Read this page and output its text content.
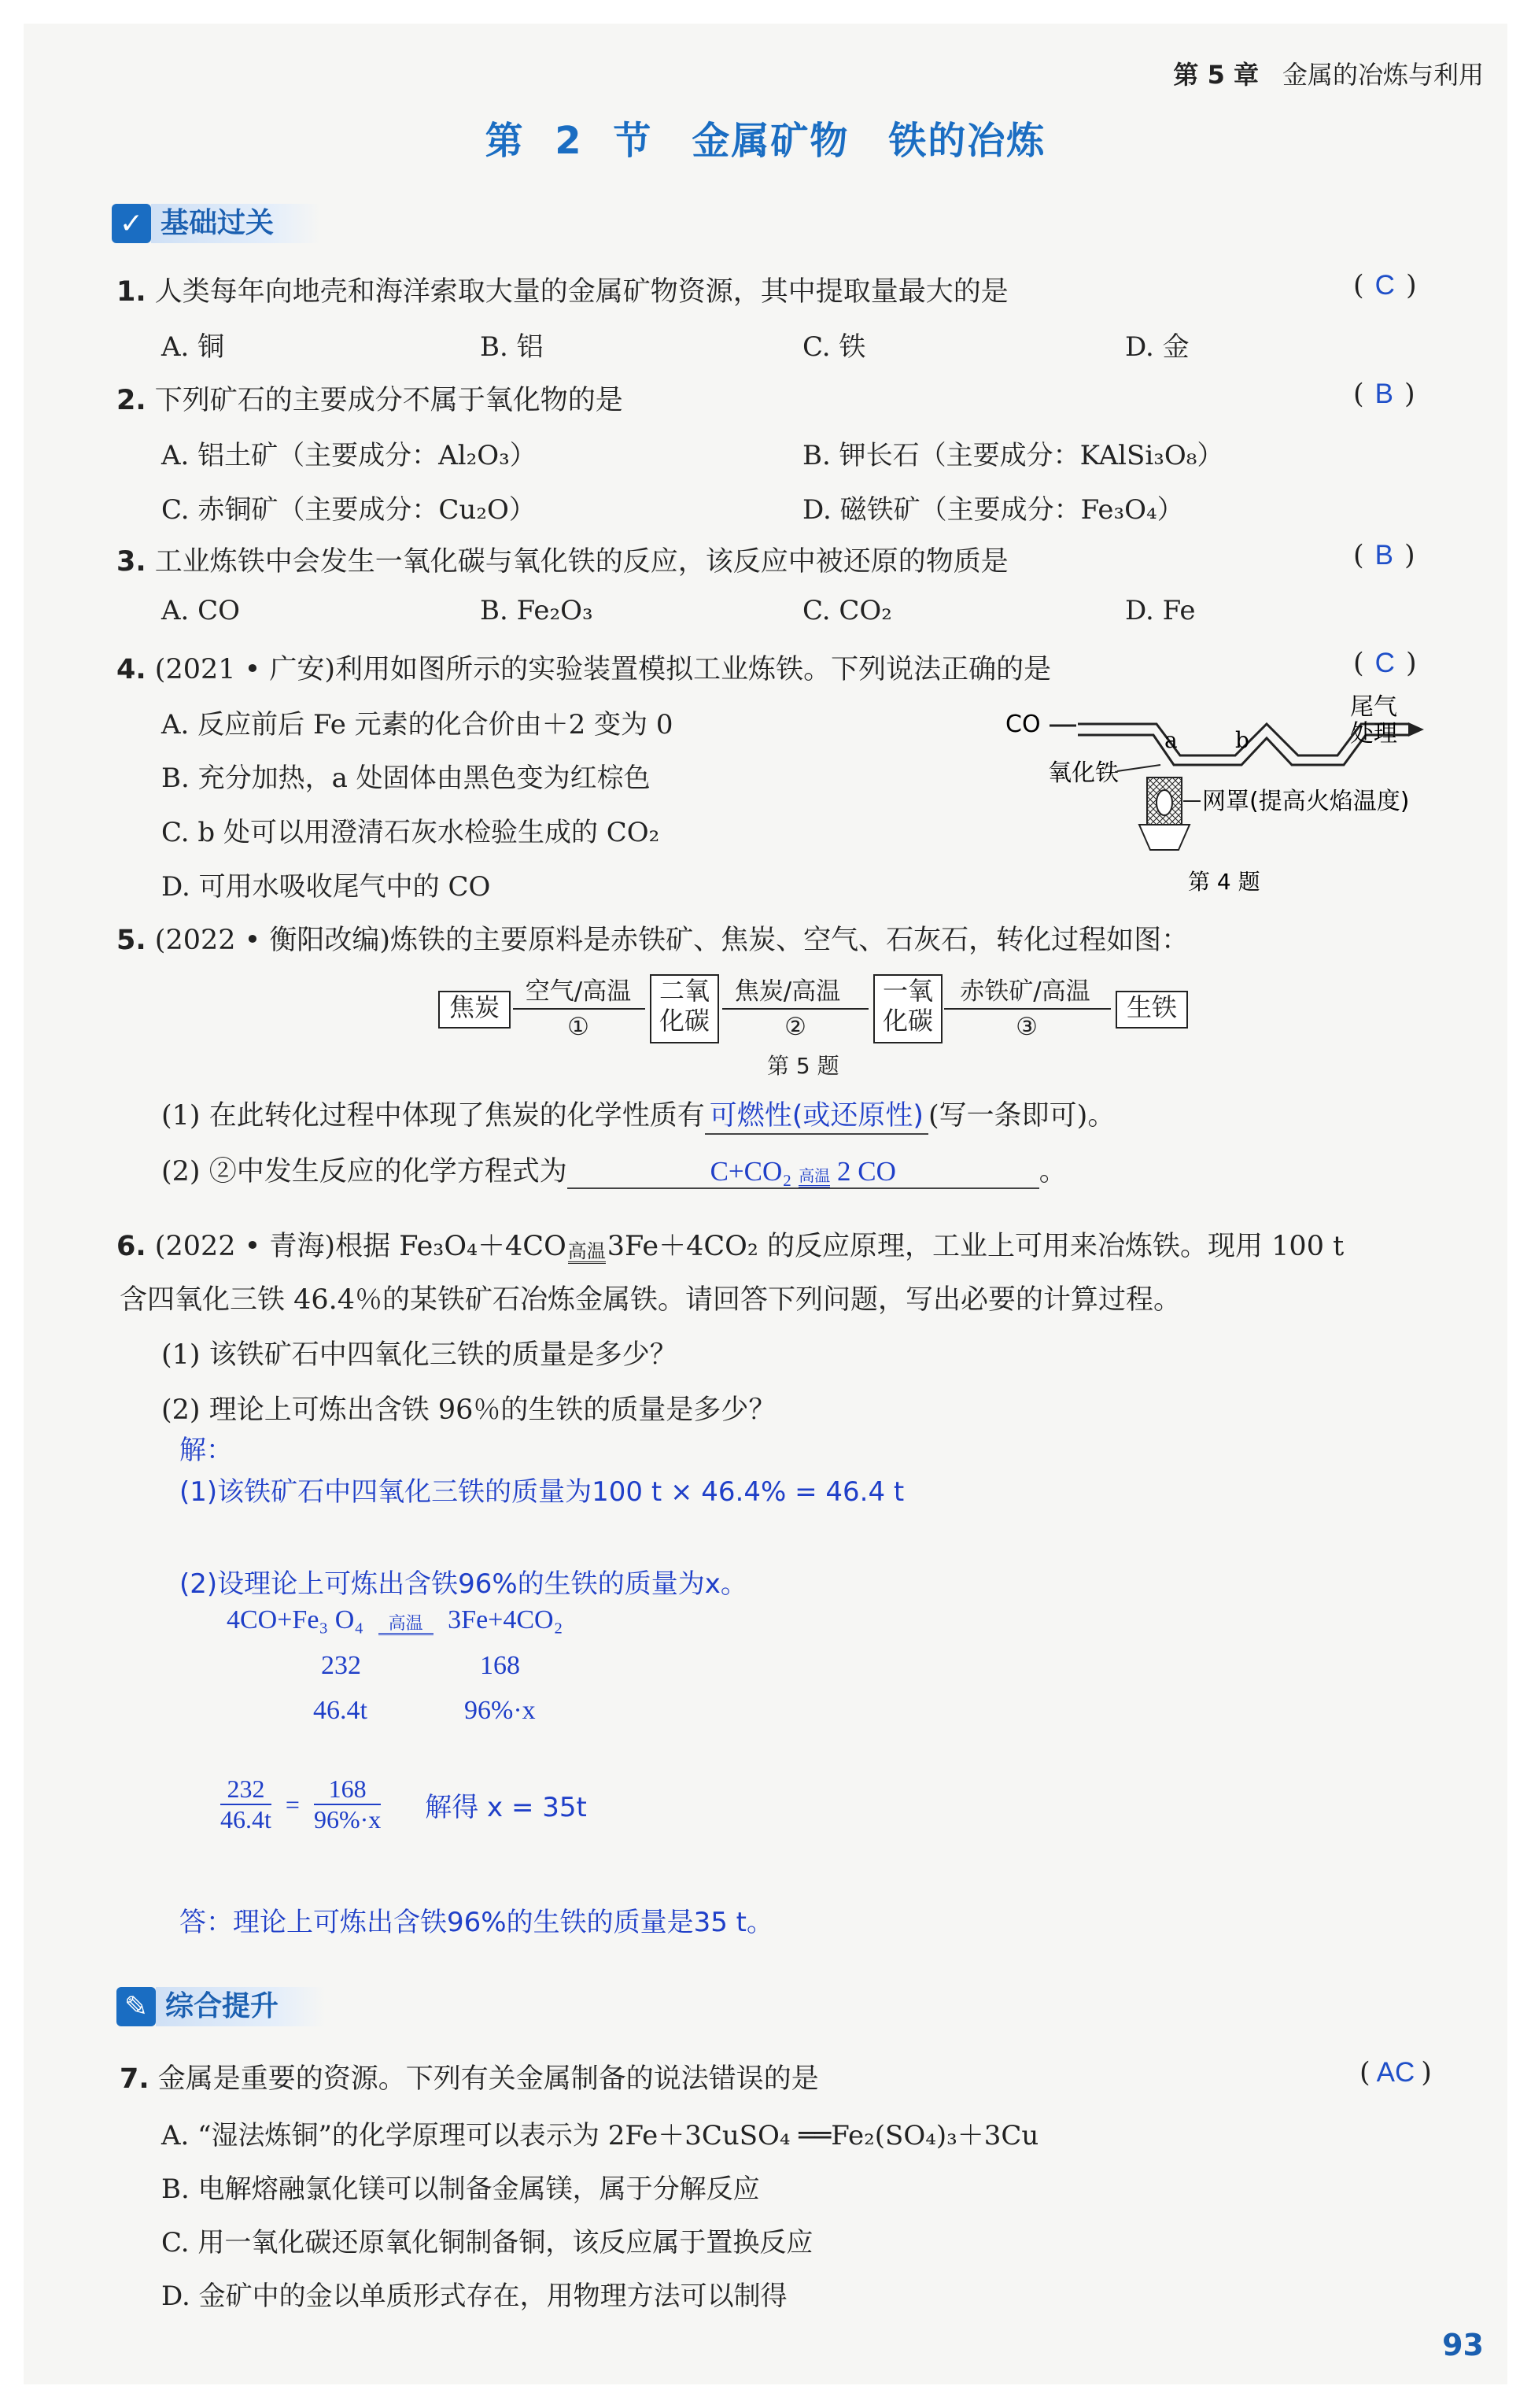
第 5 章 金属的冶炼与利用
第 2 节　金属矿物　铁的冶炼
✓ 基础过关
1. 人类每年向地壳和海洋索取大量的金属矿物资源，其中提取量最大的是	( C )
A. 铜	B. 铝	C. 铁	D. 金
2. 下列矿石的主要成分不属于氧化物的是	( B )
A. 铝土矿（主要成分：Al₂O₃）	B. 钾长石（主要成分：KAlSi₃O₈）
C. 赤铜矿（主要成分：Cu₂O）	D. 磁铁矿（主要成分：Fe₃O₄）
3. 工业炼铁中会发生一氧化碳与氧化铁的反应，该反应中被还原的物质是	( B )
A. CO	B. Fe₂O₃	C. CO₂	D. Fe
4. (2021 • 广安)利用如图所示的实验装置模拟工业炼铁。下列说法正确的是	( C )
A. 反应前后 Fe 元素的化合价由＋2 变为 0
B. 充分加热，a 处固体由黑色变为红棕色
C. b 处可以用澄清石灰水检验生成的 CO₂
D. 可用水吸收尾气中的 CO
CO
a	b
尾气
处理
氧化铁
网罩(提高火焰温度)
第 4 题
5. (2022 • 衡阳改编)炼铁的主要原料是赤铁矿、焦炭、空气、石灰石，转化过程如图：
焦炭
空气/高温
①
二氧
化碳
焦炭/高温
②
一氧
化碳
赤铁矿/高温
③
生铁
第 5 题
(1) 在此转化过程中体现了焦炭的化学性质有 可燃性(或还原性) (写一条即可)。
(2) ②中发生反应的化学方程式为	C+CO₂ 高温 2 CO	。
6. (2022 • 青海)根据 Fe₃O₄＋4CO 高温 3Fe＋4CO₂ 的反应原理，工业上可用来冶炼铁。现用 100 t
含四氧化三铁 46.4％的某铁矿石冶炼金属铁。请回答下列问题，写出必要的计算过程。
(1) 该铁矿石中四氧化三铁的质量是多少？
(2) 理论上可炼出含铁 96％的生铁的质量是多少？
解：
(1)该铁矿石中四氧化三铁的质量为100 t × 46.4% = 46.4 t
(2)设理论上可炼出含铁96%的生铁的质量为x。
4CO+Fe₃ O₄	高温 3Fe+4CO₂
232	168
46.4t	96%·x
$\frac{232}{46.4t} = \frac{168}{96\%\cdot x}$ 解得 x = 35t
答：理论上可炼出含铁96%的生铁的质量是35 t。
✎ 综合提升
7. 金属是重要的资源。下列有关金属制备的说法错误的是	( AC )
A. “湿法炼铜”的化学原理可以表示为 2Fe＋3CuSO₄ ══Fe₂(SO₄)₃＋3Cu
B. 电解熔融氯化镁可以制备金属镁，属于分解反应
C. 用一氧化碳还原氧化铜制备铜，该反应属于置换反应
D. 金矿中的金以单质形式存在，用物理方法可以制得
93
